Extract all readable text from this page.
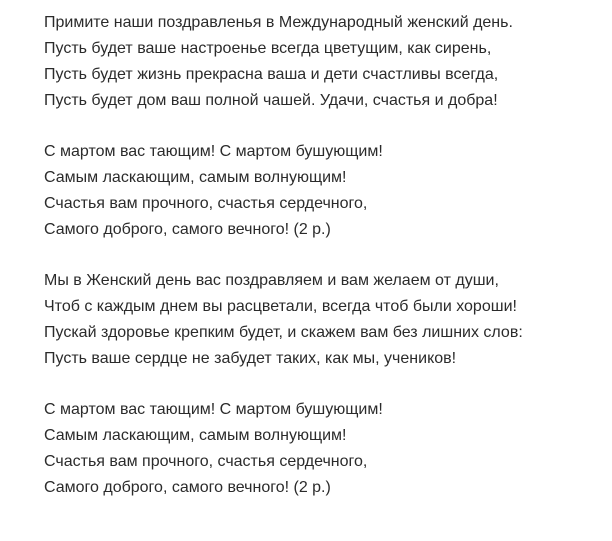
Примите наши поздравленья в Международный женский день.
Пусть будет ваше настроенье всегда цветущим, как сирень,
Пусть будет жизнь прекрасна ваша и дети счастливы всегда,
Пусть будет дом ваш полной чашей. Удачи, счастья и добра!
С мартом вас тающим! С мартом бушующим!
Самым ласкающим, самым волнующим!
Счастья вам прочного, счастья сердечного,
Самого доброго, самого вечного! (2 р.)
Мы в Женский день вас поздравляем и вам желаем от души,
Чтоб с каждым днем вы расцветали, всегда чтоб были хороши!
Пускай здоровье крепким будет, и скажем вам без лишних слов:
Пусть ваше сердце не забудет таких, как мы, учеников!
С мартом вас тающим! С мартом бушующим!
Самым ласкающим, самым волнующим!
Счастья вам прочного, счастья сердечного,
Самого доброго, самого вечного! (2 р.)
